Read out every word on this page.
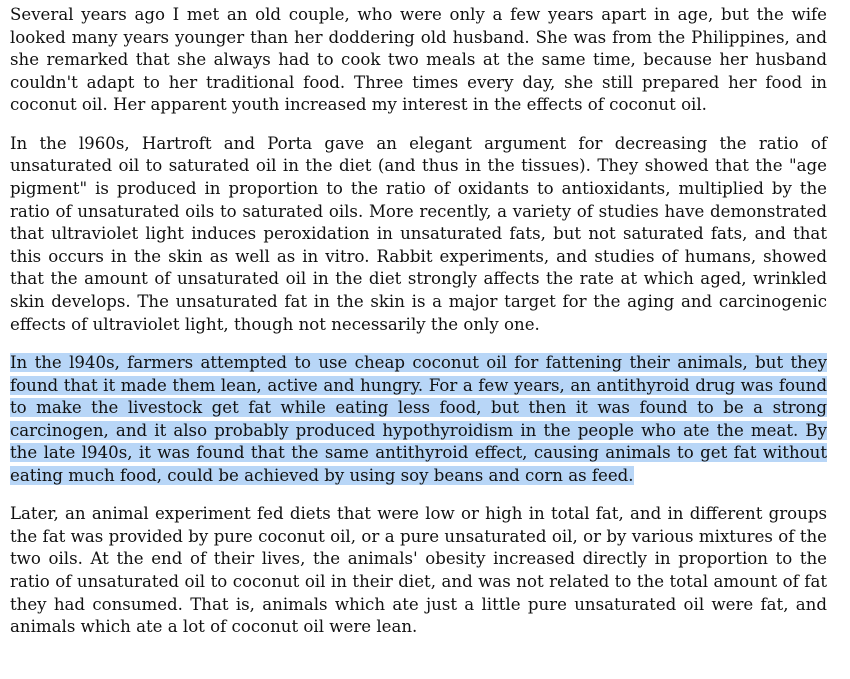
Several years ago I met an old couple, who were only a few years apart in age, but the wife looked many years younger than her doddering old husband. She was from the Philippines, and she remarked that she always had to cook two meals at the same time, because her husband couldn't adapt to her traditional food. Three times every day, she still prepared her food in coconut oil. Her apparent youth increased my interest in the effects of coconut oil.

In the l960s, Hartroft and Porta gave an elegant argument for decreasing the ratio of unsaturated oil to saturated oil in the diet (and thus in the tissues). They showed that the "age pigment" is produced in proportion to the ratio of oxidants to antioxidants, multiplied by the ratio of unsaturated oils to saturated oils. More recently, a variety of studies have demonstrated that ultraviolet light induces peroxidation in unsaturated fats, but not saturated fats, and that this occurs in the skin as well as in vitro. Rabbit experiments, and studies of humans, showed that the amount of unsaturated oil in the diet strongly affects the rate at which aged, wrinkled skin develops. The unsaturated fat in the skin is a major target for the aging and carcinogenic effects of ultraviolet light, though not necessarily the only one.

In the l940s, farmers attempted to use cheap coconut oil for fattening their animals, but they found that it made them lean, active and hungry. For a few years, an antithyroid drug was found to make the livestock get fat while eating less food, but then it was found to be a strong carcinogen, and it also probably produced hypothyroidism in the people who ate the meat. By the late l940s, it was found that the same antithyroid effect, causing animals to get fat without eating much food, could be achieved by using soy beans and corn as feed.

Later, an animal experiment fed diets that were low or high in total fat, and in different groups the fat was provided by pure coconut oil, or a pure unsaturated oil, or by various mixtures of the two oils. At the end of their lives, the animals' obesity increased directly in proportion to the ratio of unsaturated oil to coconut oil in their diet, and was not related to the total amount of fat they had consumed. That is, animals which ate just a little pure unsaturated oil were fat, and animals which ate a lot of coconut oil were lean.
